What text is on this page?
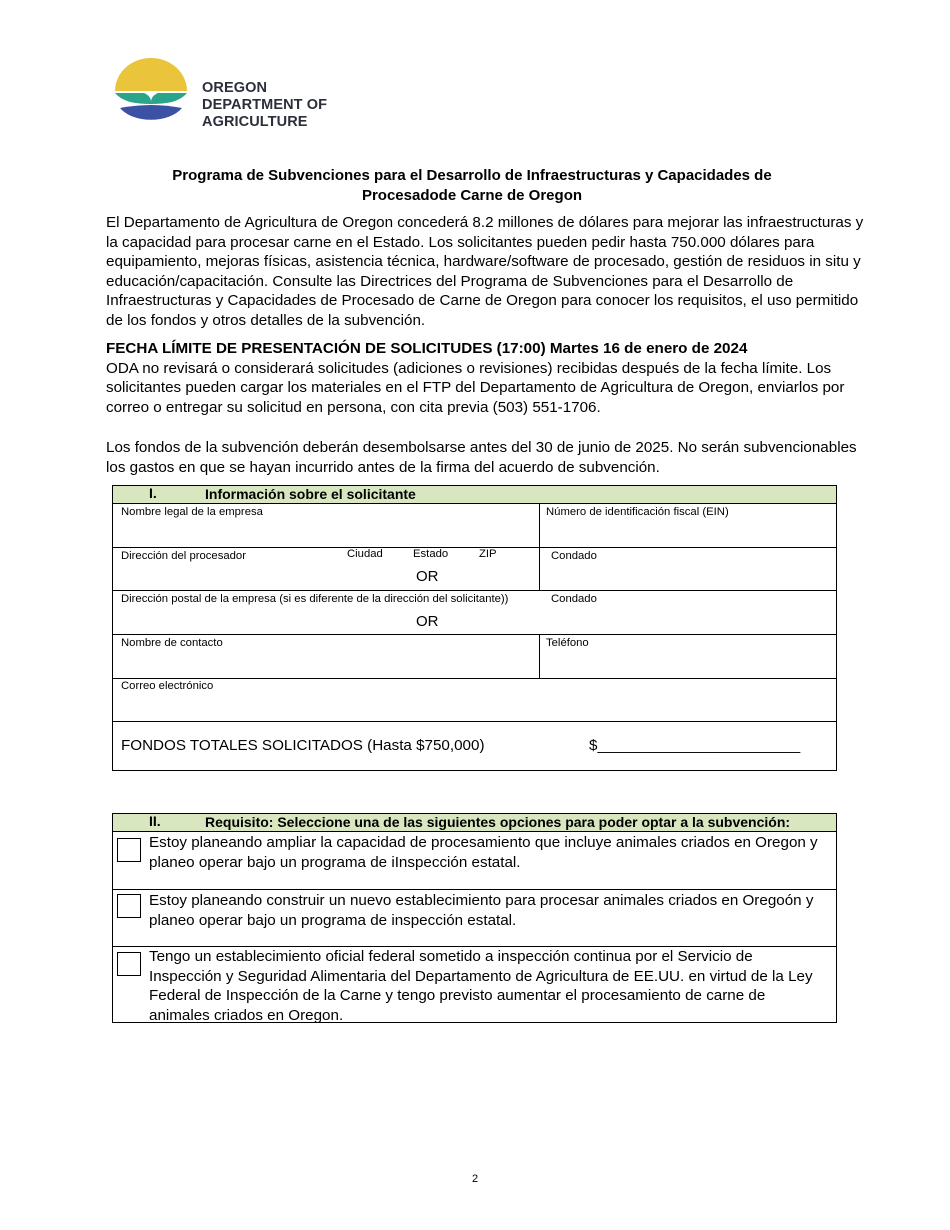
OREGON
DEPARTMENT OF
AGRICULTURE
Programa de Subvenciones para el Desarrollo de Infraestructuras y Capacidades de
Procesadode Carne de Oregon
El Departamento de Agricultura de Oregon concederá 8.2 millones de dólares para mejorar las infraestructuras y la capacidad para procesar carne en el Estado. Los solicitantes pueden pedir hasta 750.000 dólares para equipamiento, mejoras físicas, asistencia técnica, hardware/software de procesado, gestión de residuos in situ y educación/capacitación. Consulte las Directrices del Programa de Subvenciones para el Desarrollo de Infraestructuras y Capacidades de Procesado de Carne de Oregon para conocer los requisitos, el uso permitido de los fondos y otros detalles de la subvención.
FECHA LÍMITE DE PRESENTACIÓN DE SOLICITUDES (17:00) Martes 16 de enero de 2024
ODA no revisará o considerará solicitudes (adiciones o revisiones) recibidas después de la fecha límite. Los solicitantes pueden cargar los materiales en el FTP del Departamento de Agricultura de Oregon, enviarlos por correo o entregar su solicitud en persona, con cita previa (503) 551-1706.
Los fondos de la subvención deberán desembolsarse antes del 30 de junio de 2025. No serán subvencionables los gastos en que se hayan incurrido antes de la firma del acuerdo de subvención.
I.	Información sobre el solicitante
Nombre legal de la empresa	Número de identificación fiscal (EIN)
Dirección del procesador	Ciudad	Estado	ZIP	Condado
OR
Dirección postal de la empresa (si es diferente de la dirección del solicitante))	Condado
OR
Nombre de contacto	Teléfono
Correo electrónico
FONDOS TOTALES SOLICITADOS (Hasta $750,000)	$________________________
II.	Requisito: Seleccione una de las siguientes opciones para poder optar a la subvención:
Estoy planeando ampliar la capacidad de procesamiento que incluye animales criados en Oregon y planeo operar bajo un programa de iInspección estatal.
Estoy planeando construir un nuevo establecimiento para procesar animales criados en Oregoón y planeo operar bajo un programa de inspección estatal.
Tengo un establecimiento oficial federal sometido a inspección continua por el Servicio de Inspección y Seguridad Alimentaria del Departamento de Agricultura de EE.UU. en virtud de la Ley Federal de Inspección de la Carne y tengo previsto aumentar el procesamiento de carne de animales criados en Oregon.
2
